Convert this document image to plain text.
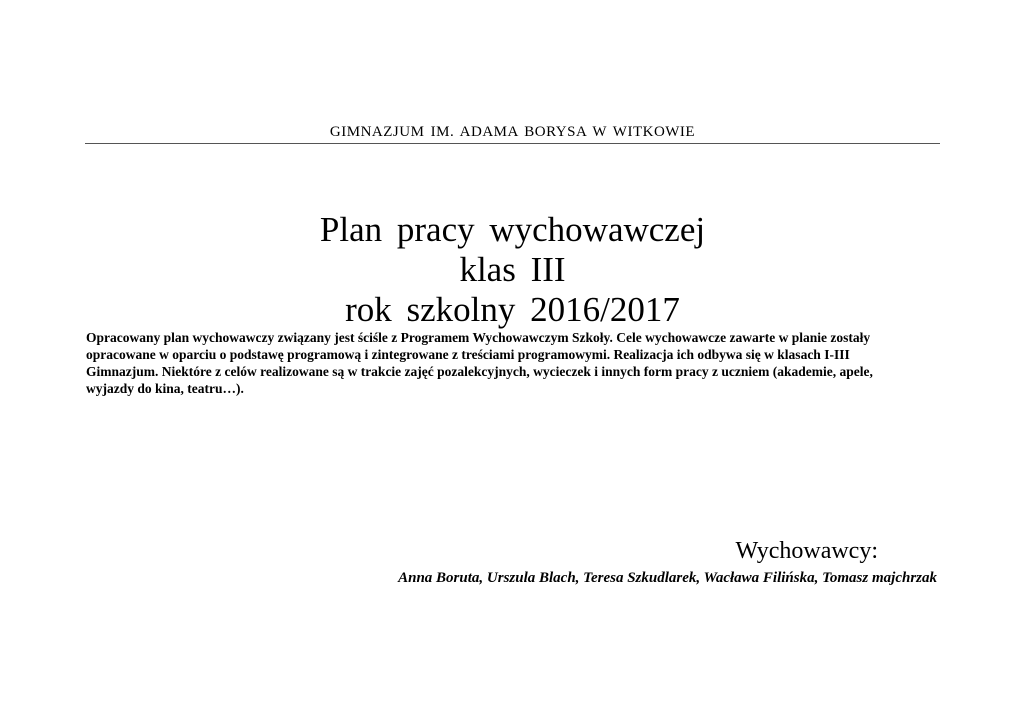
GIMNAZJUM IM. ADAMA BORYSA W WITKOWIE
Plan pracy wychowawczej
klas III
rok szkolny 2016/2017

Opracowany plan wychowawczy związany jest ściśle z Programem Wychowawczym Szkoły. Cele wychowawcze zawarte w planie zostały opracowane w oparciu o podstawę programową i zintegrowane z treściami programowymi. Realizacja ich odbywa się w klasach I-III Gimnazjum. Niektóre z celów realizowane są w trakcie zajęć pozalekcyjnych, wycieczek i innych form pracy z uczniem (akademie, apele, wyjazdy do kina, teatru…).

Wychowawcy:
Anna Boruta, Urszula Blach, Teresa Szkudlarek, Wacława Filińska, Tomasz majchrzak
